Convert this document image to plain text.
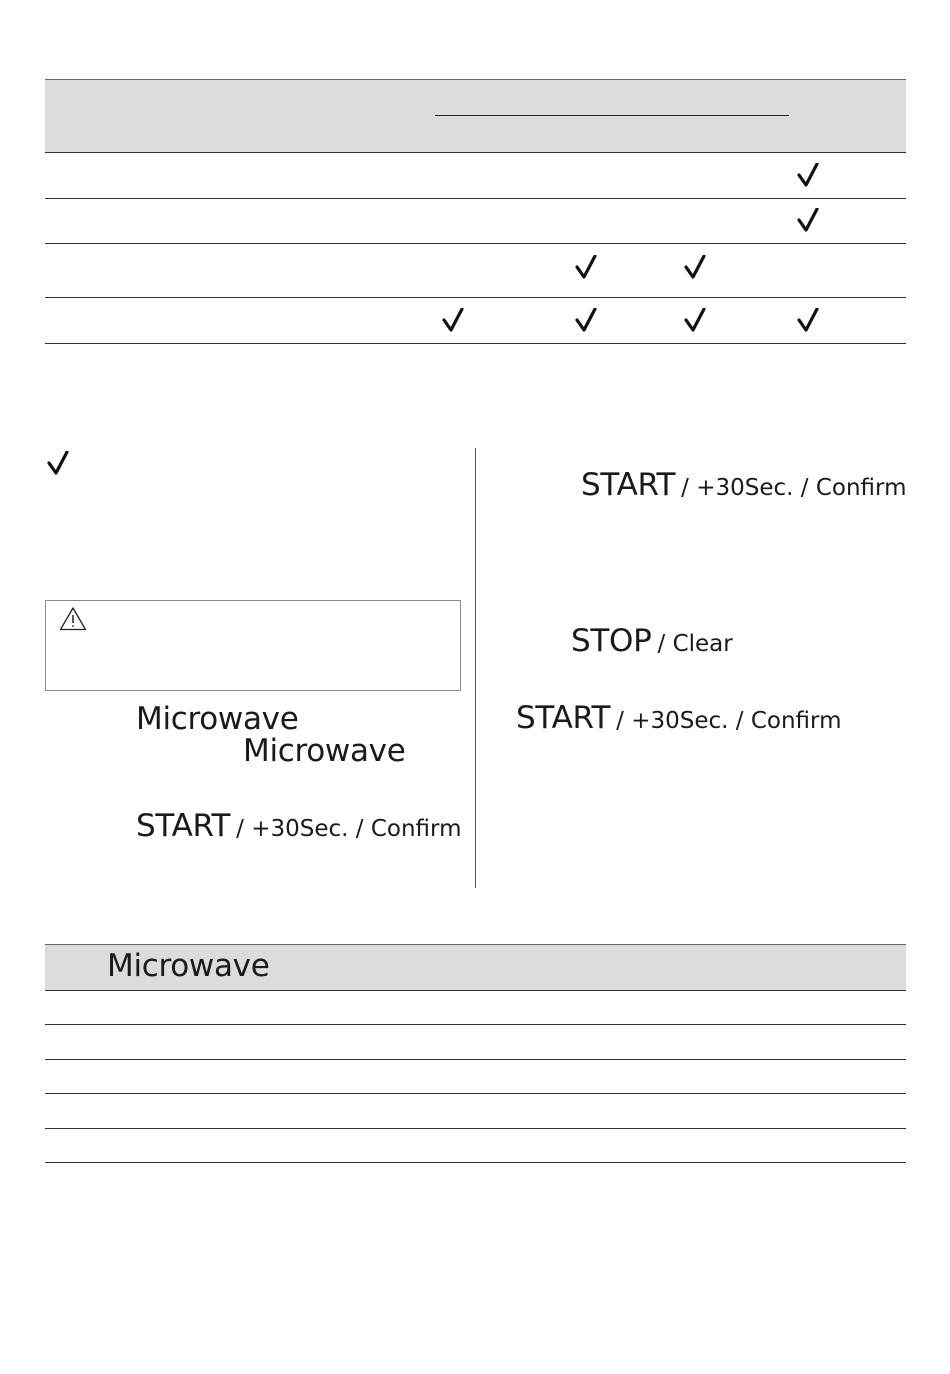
Microwave
Microwave
START / +30Sec. / Confirm
START / +30Sec. / Confirm
STOP / Clear
START / +30Sec. / Confirm
Microwave
